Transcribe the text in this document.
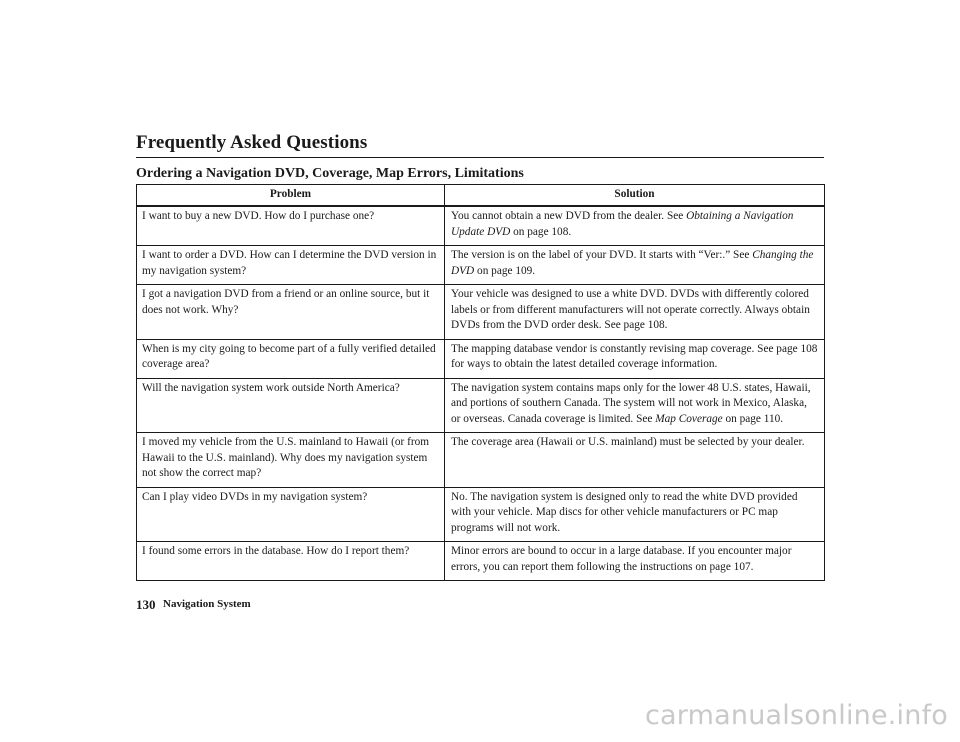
Frequently Asked Questions
Ordering a Navigation DVD, Coverage, Map Errors, Limitations
Problem	Solution
I want to buy a new DVD. How do I purchase one?	You cannot obtain a new DVD from the dealer. See Obtaining a Navigation Update DVD on page 108.
I want to order a DVD. How can I determine the DVD version in my navigation system?	The version is on the label of your DVD. It starts with “Ver:.” See Changing the DVD on page 109.
I got a navigation DVD from a friend or an online source, but it does not work. Why?	Your vehicle was designed to use a white DVD. DVDs with differently colored labels or from different manufacturers will not operate correctly. Always obtain DVDs from the DVD order desk. See page 108.
When is my city going to become part of a fully verified detailed coverage area?	The mapping database vendor is constantly revising map coverage. See page 108 for ways to obtain the latest detailed coverage information.
Will the navigation system work outside North America?	The navigation system contains maps only for the lower 48 U.S. states, Hawaii, and portions of southern Canada. The system will not work in Mexico, Alaska, or overseas. Canada coverage is limited. See Map Coverage on page 110.
I moved my vehicle from the U.S. mainland to Hawaii (or from Hawaii to the U.S. mainland). Why does my navigation system not show the correct map?	The coverage area (Hawaii or U.S. mainland) must be selected by your dealer.
Can I play video DVDs in my navigation system?	No. The navigation system is designed only to read the white DVD provided with your vehicle. Map discs for other vehicle manufacturers or PC map programs will not work.
I found some errors in the database. How do I report them?	Minor errors are bound to occur in a large database. If you encounter major errors, you can report them following the instructions on page 107.
130 Navigation System
carmanualsonline.info
